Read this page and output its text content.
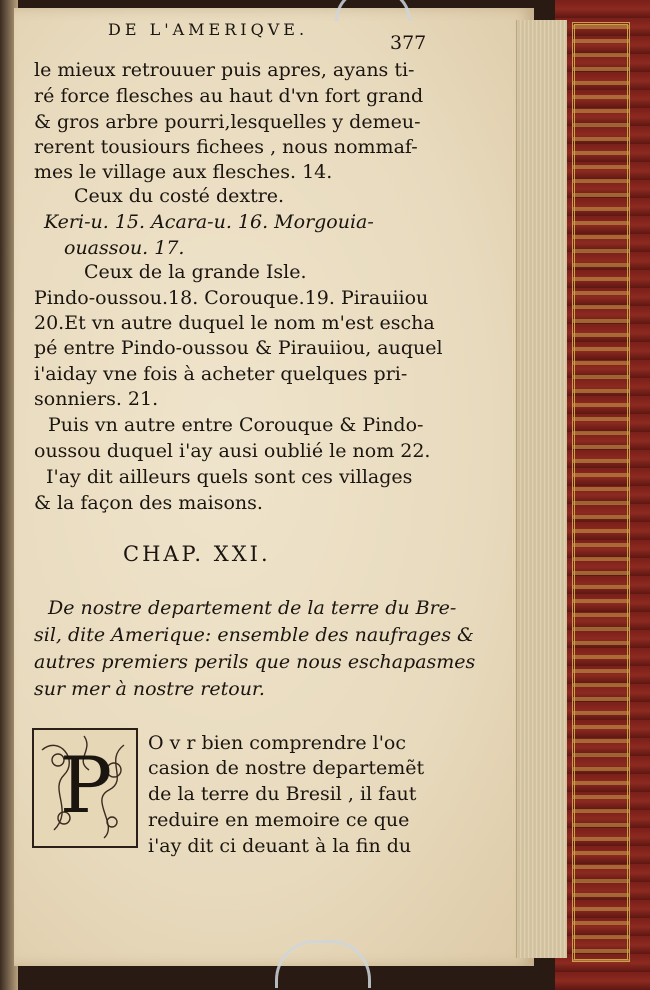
DE L'AMERIQVE.
377
le mieux retrouuer puis apres, ayans ti-
ré force flesches au haut d'vn fort grand
& gros arbre pourri,lesquelles y demeu-
rerent tousiours fichees , nous nommaf-
mes le village aux flesches. 14.
Ceux du costé dextre.
Keri-u. 15. Acara-u. 16. Morgouia-
ouassou. 17.
Ceux de la grande Isle.
Pindo-oussou.18. Corouque.19. Pirauiiou
20.Et vn autre duquel le nom m'est escha
pé entre Pindo-oussou & Pirauiiou, auquel
i'aiday vne fois à acheter quelques pri-
sonniers. 21.
Puis vn autre entre Corouque & Pindo-
oussou duquel i'ay ausi oublié le nom 22.
I'ay dit ailleurs quels sont ces villages
& la façon des maisons.
CHAP. XXI.
De nostre departement de la terre du Bre-
sil, dite Amerique: ensemble des naufrages &
autres premiers perils que nous eschapasmes
sur mer à nostre retour.
P O v r bien comprendre l'oc
casion de nostre departemẽt
de la terre du Bresil , il faut
reduire en memoire ce que
i'ay dit ci deuant à la fin du
